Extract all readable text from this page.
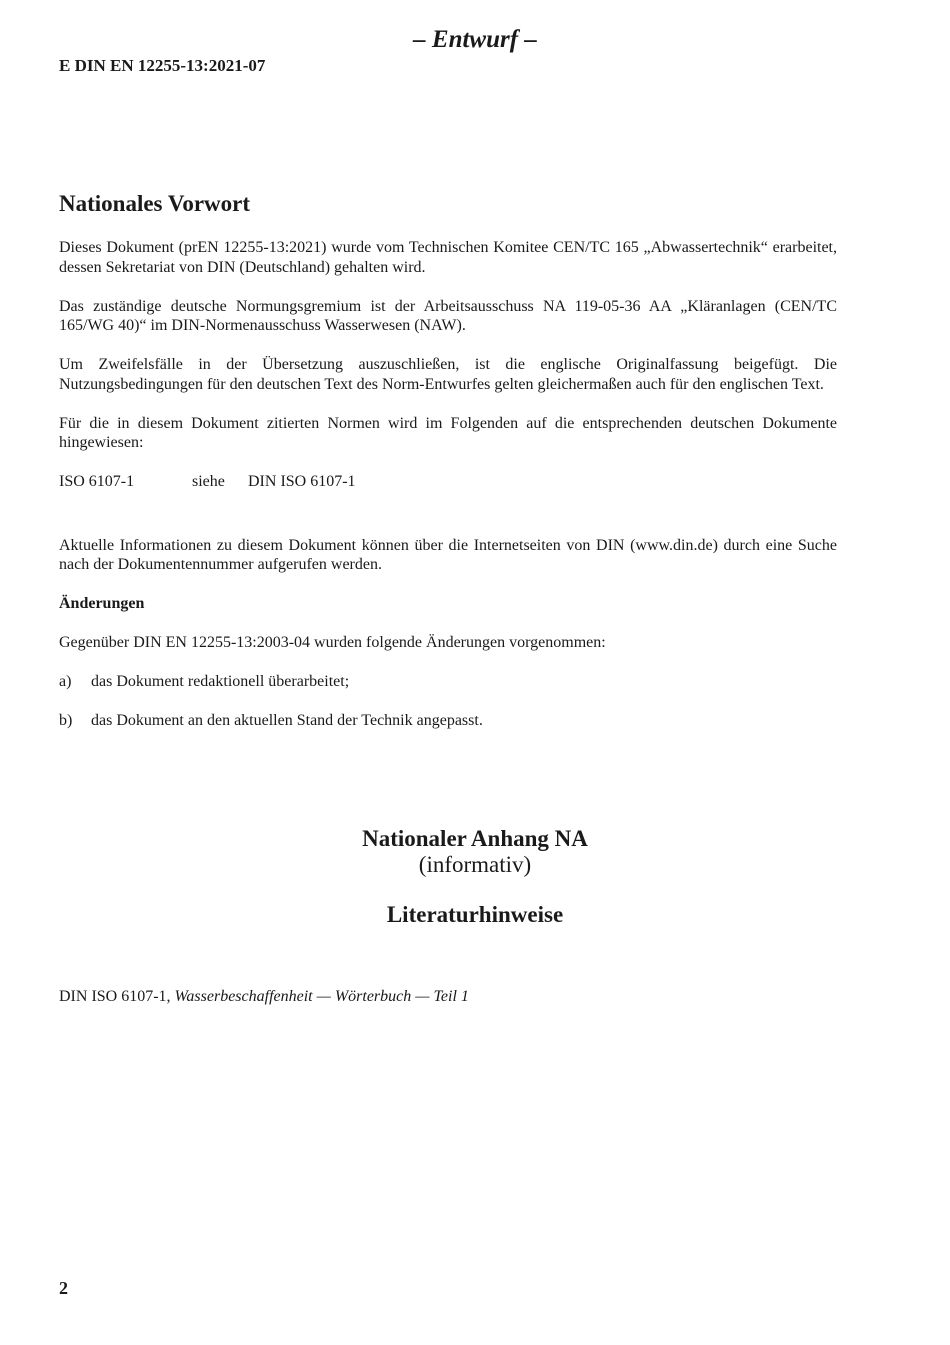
– Entwurf –
E DIN EN 12255-13:2021-07
Nationales Vorwort

Dieses Dokument (prEN 12255-13:2021) wurde vom Technischen Komitee CEN/TC 165 „Abwassertechnik“ erarbeitet, dessen Sekretariat von DIN (Deutschland) gehalten wird.

Das zuständige deutsche Normungsgremium ist der Arbeitsausschuss NA 119-05-36 AA „Kläranlagen (CEN/TC 165/WG 40)“ im DIN-Normenausschuss Wasserwesen (NAW).

Um Zweifelsfälle in der Übersetzung auszuschließen, ist die englische Originalfassung beigefügt. Die Nutzungsbedingungen für den deutschen Text des Norm-Entwurfes gelten gleichermaßen auch für den englischen Text.

Für die in diesem Dokument zitierten Normen wird im Folgenden auf die entsprechenden deutschen Dokumente hingewiesen:

ISO 6107-1	siehe DIN ISO 6107-1

Aktuelle Informationen zu diesem Dokument können über die Internetseiten von DIN (www.din.de) durch eine Suche nach der Dokumentennummer aufgerufen werden.

Änderungen

Gegenüber DIN EN 12255-13:2003-04 wurden folgende Änderungen vorgenommen:

a)	das Dokument redaktionell überarbeitet;
b)	das Dokument an den aktuellen Stand der Technik angepasst.
Nationaler Anhang NA
(informativ)
Literaturhinweise
DIN ISO 6107-1, Wasserbeschaffenheit — Wörterbuch — Teil 1
2
